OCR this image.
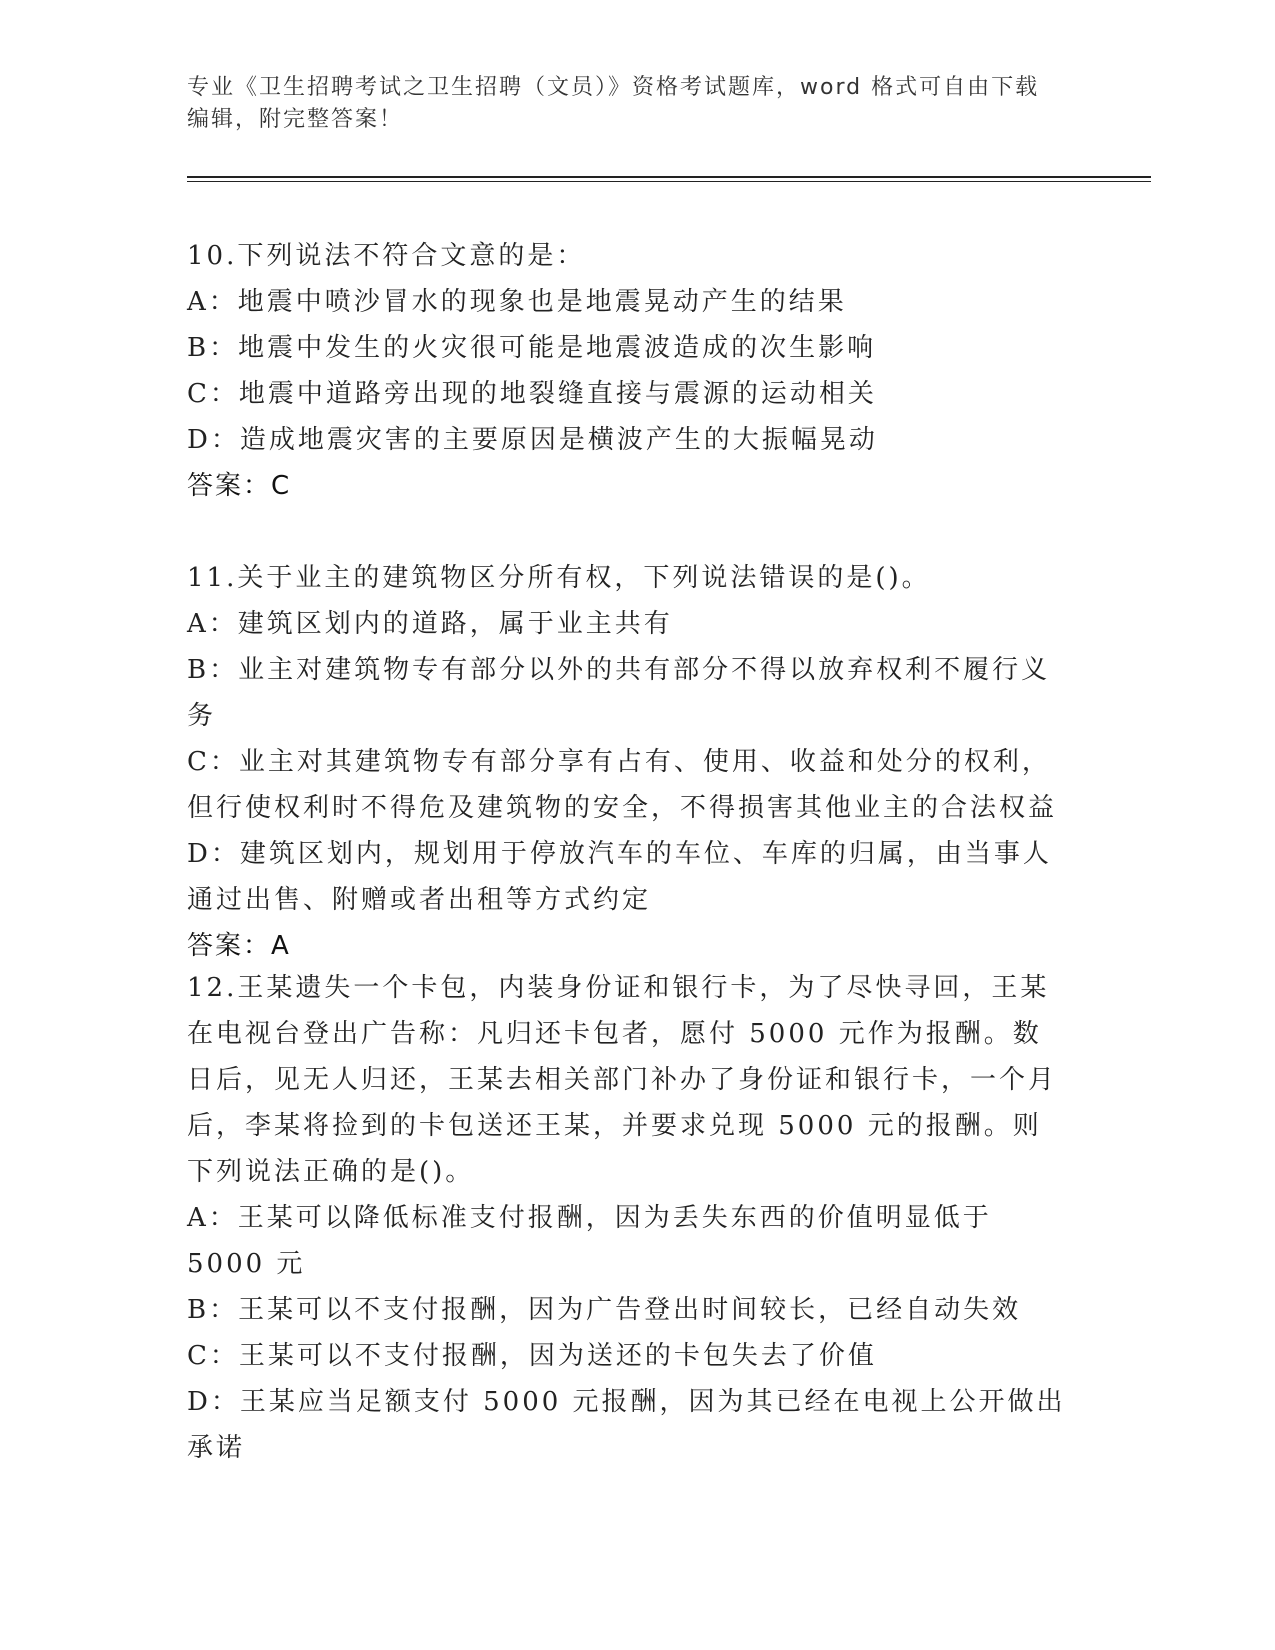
专业《卫生招聘考试之卫生招聘（文员）》资格考试题库，word 格式可自由下载
编辑，附完整答案！

10.下列说法不符合文意的是：

A：地震中喷沙冒水的现象也是地震晃动产生的结果

B：地震中发生的火灾很可能是地震波造成的次生影响

C：地震中道路旁出现的地裂缝直接与震源的运动相关

D：造成地震灾害的主要原因是横波产生的大振幅晃动

答案：C

11.关于业主的建筑物区分所有权，下列说法错误的是()。

A：建筑区划内的道路，属于业主共有

B：业主对建筑物专有部分以外的共有部分不得以放弃权利不履行义务

C：业主对其建筑物专有部分享有占有、使用、收益和处分的权利，但行使权利时不得危及建筑物的安全，不得损害其他业主的合法权益

D：建筑区划内，规划用于停放汽车的车位、车库的归属，由当事人通过出售、附赠或者出租等方式约定

答案：A

12.王某遗失一个卡包，内装身份证和银行卡，为了尽快寻回，王某在电视台登出广告称：凡归还卡包者，愿付 5000 元作为报酬。数日后，见无人归还，王某去相关部门补办了身份证和银行卡，一个月后，李某将捡到的卡包送还王某，并要求兑现 5000 元的报酬。则下列说法正确的是()。

A：王某可以降低标准支付报酬，因为丢失东西的价值明显低于 5000 元

B：王某可以不支付报酬，因为广告登出时间较长，已经自动失效

C：王某可以不支付报酬，因为送还的卡包失去了价值

D：王某应当足额支付 5000 元报酬，因为其已经在电视上公开做出承诺
